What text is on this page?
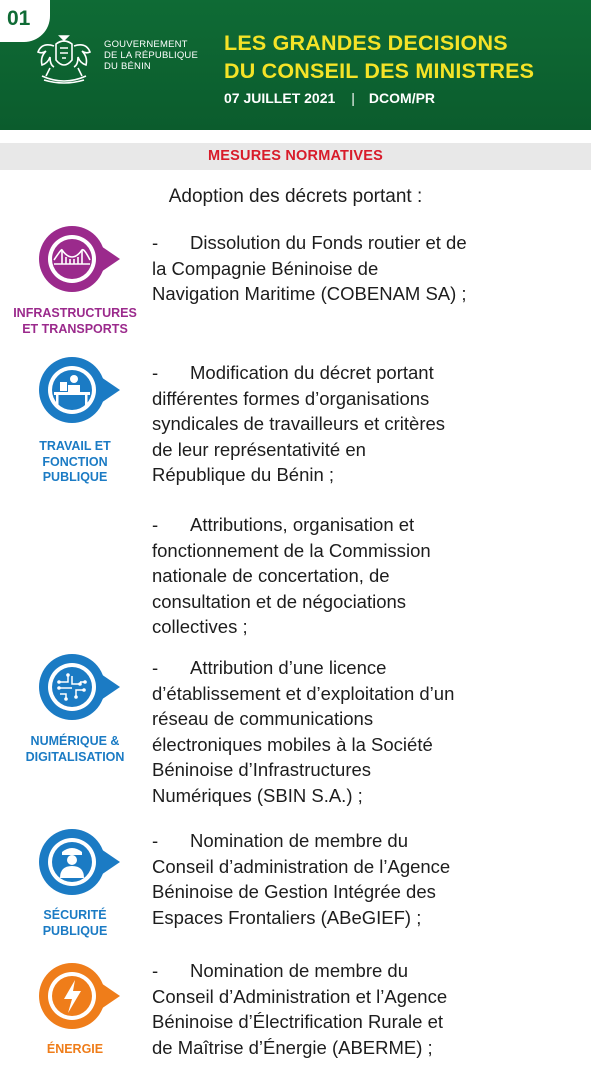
01
GOUVERNEMENT
DE LA RÉPUBLIQUE
DU BÉNIN
LES GRANDES DECISIONS
DU CONSEIL DES MINISTRES
07 JUILLET 2021 | DCOM/PR
MESURES NORMATIVES
Adoption des décrets portant :
INFRASTRUCTURES
ET TRANSPORTS
TRAVAIL ET
FONCTION
PUBLIQUE
NUMÉRIQUE &
DIGITALISATION
SÉCURITÉ
PUBLIQUE
ÉNERGIE
- Dissolution du Fonds routier et de
la Compagnie Béninoise de
Navigation Maritime (COBENAM SA) ;
- Modification du décret portant
différentes formes d’organisations
syndicales de travailleurs et critères
de leur représentativité en
République du Bénin ;
- Attributions, organisation et
fonctionnement de la Commission
nationale de concertation, de
consultation et de négociations
collectives ;
- Attribution d’une licence
d’établissement et d’exploitation d’un
réseau de communications
électroniques mobiles à la Société
Béninoise d’Infrastructures
Numériques (SBIN S.A.) ;
- Nomination de membre du
Conseil d’administration de l’Agence
Béninoise de Gestion Intégrée des
Espaces Frontaliers (ABeGIEF) ;
- Nomination de membre du
Conseil d’Administration et l’Agence
Béninoise d’Électrification Rurale et
de Maîtrise d’Énergie (ABERME) ;
